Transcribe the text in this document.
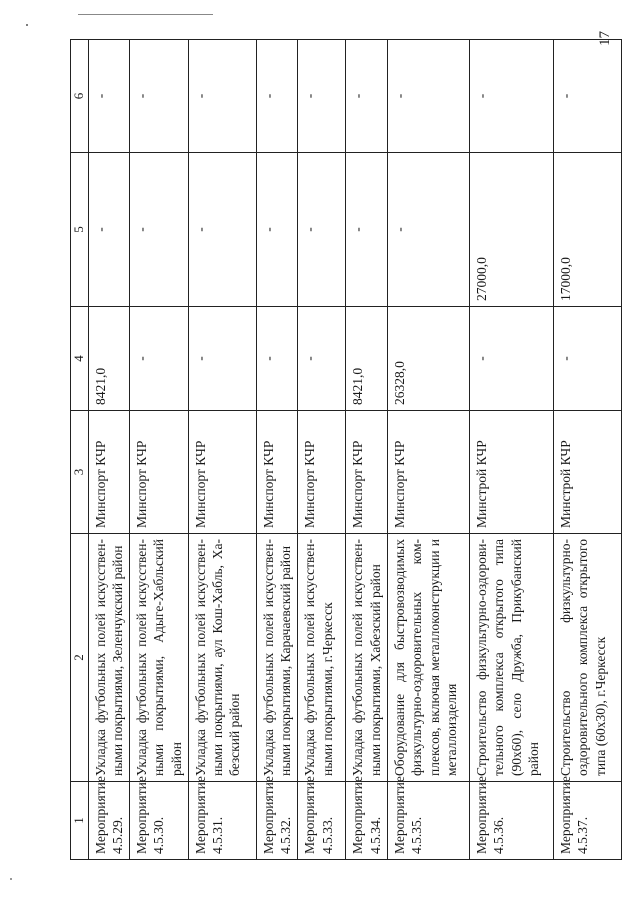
1	2	3	4	5	6
Мероприятие 4.5.29.	Укладка футбольных полей искусствен-ными покрытиями, Зеленчукский район	Минспорт КЧР	8421,0	-	-
Мероприятие 4.5.30.	Укладка футбольных полей искусствен-ными покрытиями, Адыге-Хабльский район	Минспорт КЧР	-	-	-
Мероприятие 4.5.31.	Укладка футбольных полей искусствен-ными покрытиями, аул Кош-Хабль, Ха-безский район	Минспорт КЧР	-	-	-
Мероприятие 4.5.32.	Укладка футбольных полей искусствен-ными покрытиями, Карачаевский район	Минспорт КЧР	-	-	-
Мероприятие 4.5.33.	Укладка футбольных полей искусствен-ными покрытиями, г.Черкесск	Минспорт КЧР	-	-	-
Мероприятие 4.5.34.	Укладка футбольных полей искусствен-ными покрытиями, Хабезский район	Минспорт КЧР	8421,0	-	-
Мероприятие 4.5.35.	Оборудование для быстровозводимых физкультурно-оздоровительных ком-плексов, включая металлоконструкции и металлоизделия	Минспорт КЧР	26328,0	-	-
Мероприятие 4.5.36.	Строительство физкультурно-оздорови-тельного комплекса открытого типа (90х60), село Дружба, Прикубанский район	Минстрой КЧР	-	27000,0	-
Мероприятие 4.5.37.	Строительство физкультурно-оздоровительного комплекса открытого типа (60х30), г.Черкесск	Минстрой КЧР	-	17000,0	-
17
